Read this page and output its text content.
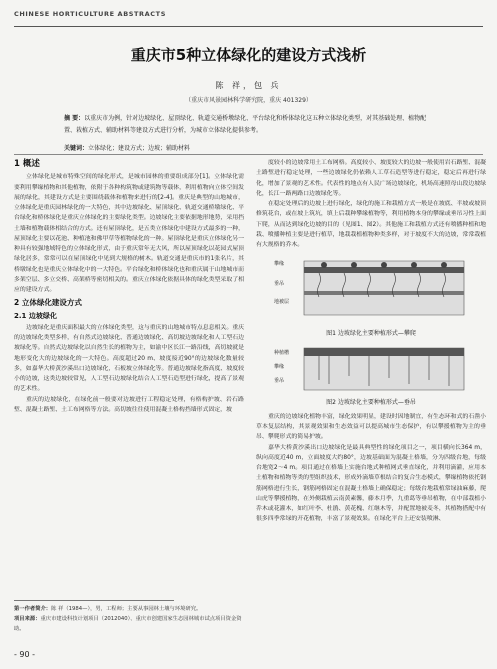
CHINESE HORTICULTURE ABSTRACTS
重庆市5种立体绿化的建设方式浅析
陈 祥，包 兵
（重庆市风景园林科学研究院，重庆 401329）
摘 要：以重庆市为例，针对边坡绿化、屋顶绿化、轨道交通桥墩绿化、平台绿化和桥体绿化这五种立体绿化类型，对其基础处理、植物配置、栽植方式、辅助材料等建设方式进行分析，为城市立体绿化提供参考。
关键词：立体绿化；建设方式；边坡；辅助材料
1 概述

立体绿化是城市特殊空间的绿化形式，是城市园林的重要组成部分[1]。立体绿化需要利用攀缘植物和其他植物，依附于各种构筑物或建筑物等载体，利用植物向立体空间发展的绿化，其建设方式是主要围绕载体和植物来进行的[2-4]。重庆是典型的山地城市，立体绿化是重庆园林绿化的一大特色，其中边坡绿化、屋顶绿化、轨道交通桥墩绿化、平台绿化和桥体绿化是重庆立体绿化的主要绿化类型。边坡绿化主要依据地形地势，采用挡土墙和植物载体相结合的方式。还有屋顶绿化，是五类立体绿化中建设方式最多的一种，屋顶绿化主要以花池、种植池和佛甲草等植物绿化的一种。屋顶绿化是重庆立体绿化另一种具有较强地域特色的立体绿化形式，由于重庆常年无大风，所以屋顶绿化以花园式屋顶绿化居多，常常可以在屋顶绿化中见到大规格的树木。轨道交通是重庆市的1张名片，其桥墩绿化也是重庆立体绿化中的一大特色。平台绿化和桥体绿化也和重庆属于山地城市而多架空层、多立交桥、高架桥等密切相关的。重庆立体绿化依据具体的绿化类型采取了相应的建设方式。

2 立体绿化建设方式
2.1 边坡绿化

边坡绿化是重庆面积最大的立体绿化类型，这与重庆的山地城市特点息息相关。重庆的边坡绿化类型多样，有自然式边坡绿化、普通边坡绿化、高切坡边坡绿化和人工型石边坡绿化等。自然式边坡绿化以自然生长的植物为主，如渝中区长江一路沿线，高切坡就是地形变化大的边坡绿化的一大特色。高度超过20 m、坡度接近90°的边坡绿化数量较多，如嘉华大桥黄沙溪出口边坡绿化，石板坡立体绿化等。普通边坡绿化指高度、坡度较小的边坡，这类边坡较常见，人工型石边坡绿化结合人工型石造型进行绿化，提高了景观的艺术性。

重庆的边坡绿化，在绿化前一般要对边坡进行工程稳定处理，有格构护坡、岩石路堑、混凝土路堑、土工布网格等方法。高切坡往往使用混凝土格构挡墙形式固定，坡

度较小的边坡常用土工布网格。高度较小、坡度较大的边坡一般使用岩石路堑、混凝土路堑进行稳定处理，一些边坡绿化仍依赖人工草石造型等进行稳定，稳定后再进行绿化，增加了景观的艺术性。代表性的地点有人民广场边坡绿化，机场高速照母山段边坡绿化，长江一路两路口边坡绿化等。

在稳定处理后的边坡上进行绿化，绿化的施工和栽植方式一般是在坡底、半坡或坡顶修筑花台，或在坡上筑坑，填上后栽种攀缘植物等，利用植物本身的攀缘或垂吊习性上面下爬，从而达到绿化边坡的目的（见图1、图2）。其他施工和栽植方式还有喷播种植和地栽、喷播种植主要是进行植草，地栽栽植植物种类多样，对于坡度不大的边坡，常常栽植有大规格的乔木。

攀缘
垂吊
地被层
图1 边坡绿化主要种植形式—攀爬
种植槽
攀缘
垂吊
图2 边坡绿化主要种植形式—垂吊

重庆的边坡绿化植物丰富，绿化效果明显，建设时因地制宜，有生态环和式的石凿小草本复层结构，其景观效果和生态效益可以提高城市生态保护，有以攀援植物为主的垂吊、攀爬形式的简易护坡。

嘉华大桥黄沙溪出口边坡绿化是最具典型性的绿化项目之一，项目横向长364 m，纵向高度近40 m，立面坡度大约80°，边坡基础面为混凝土格墙，分为四级台地，每级台地宽2～4 m。项目通过在格墙上实施台地式种植网式垂直绿化，并利用滴灌，应用本土植物和植物等类的型组织技术，形成外滴墙草根结合的复合生态模式，攀缘植物依托钢筋网格进行生长，钢筋网格固定在混凝土格墙上确保稳定；每级台地栽植常绿油麻藤，爬山虎等攀援植物，在外侧栽植云南黄素馨，藤本月季，九重葛等垂吊植物，在中部栽植小乔木或花灌木，如红叶李、杜鹃、黄花槐、红继木等，并配置地被麦冬，其植物搭配中有很多四季常绿的开花植物，丰富了景观效果。在绿化平台上还安装喷淋、

第一作者简介：陈 祥（1984—），男，工程师；主要从事园林土壤与环境研究。
项目来源：重庆市建设科技计划项目（2012040）、重庆市创建国家生态园林城市试点项目资金资助。
- 90 -
